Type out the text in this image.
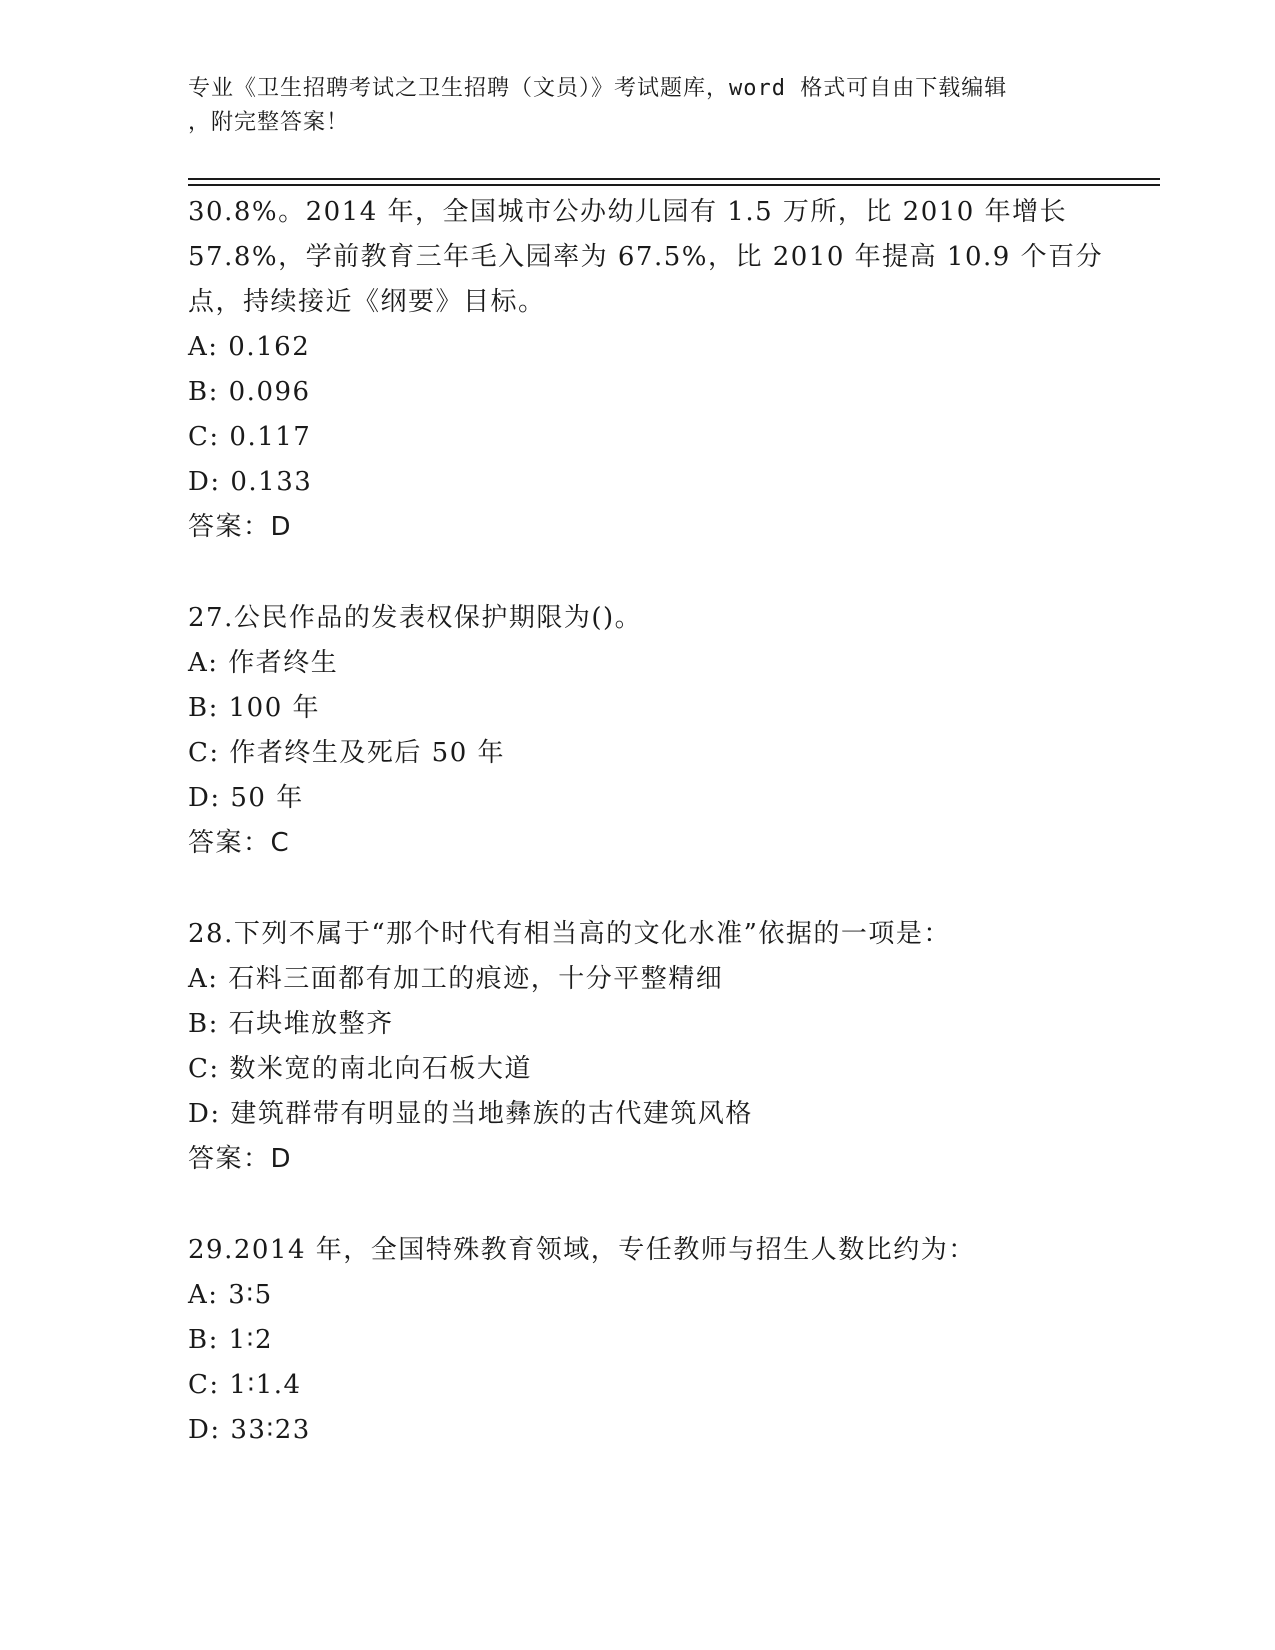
专业《卫生招聘考试之卫生招聘（文员）》考试题库，word 格式可自由下载编辑
，附完整答案！
30.8%。2014 年，全国城市公办幼儿园有 1.5 万所，比 2010 年增长
57.8%，学前教育三年毛入园率为 67.5%，比 2010 年提高 10.9 个百分
点，持续接近《纲要》目标。
A: 0.162
B: 0.096
C: 0.117
D: 0.133
答案：D
27.公民作品的发表权保护期限为()。
A: 作者终生
B: 100 年
C: 作者终生及死后 50 年
D: 50 年
答案：C
28.下列不属于“那个时代有相当高的文化水准”依据的一项是：
A: 石料三面都有加工的痕迹，十分平整精细
B: 石块堆放整齐
C: 数米宽的南北向石板大道
D: 建筑群带有明显的当地彝族的古代建筑风格
答案：D
29.2014 年，全国特殊教育领域，专任教师与招生人数比约为：
A: 3∶5
B: 1∶2
C: 1∶1.4
D: 33∶23
